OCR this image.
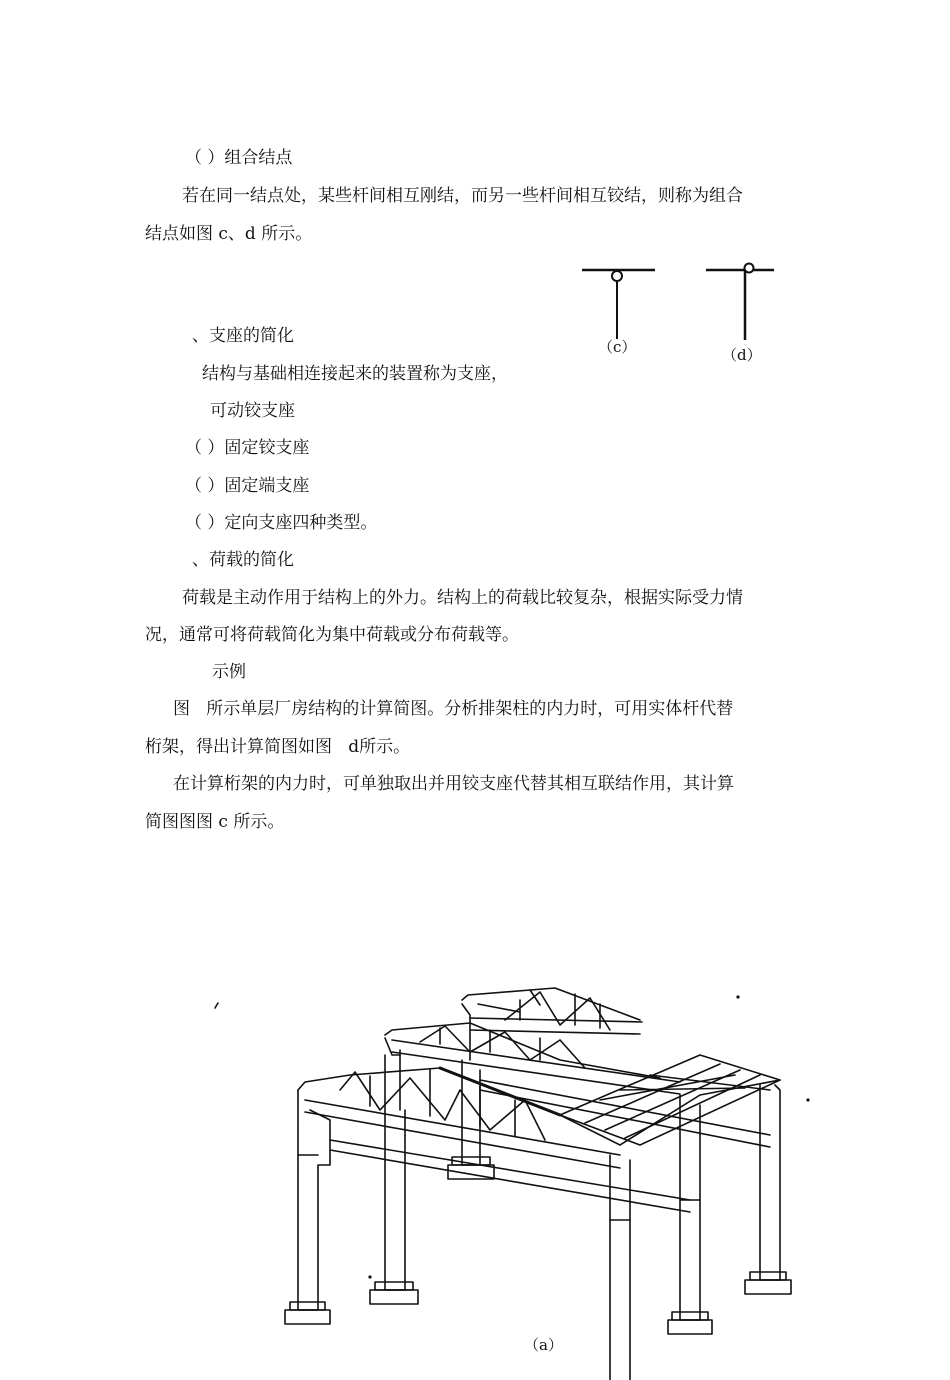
（ ）组合结点
若在同一结点处，某些杆间相互刚结，而另一些杆间相互铰结，则称为组合
结点如图 c、d 所示。
（c）	（d）
、支座的简化
结构与基础相连接起来的装置称为支座，
可动铰支座
（ ）固定铰支座
（ ）固定端支座
（ ）定向支座四种类型。
、荷载的简化
荷载是主动作用于结构上的外力。结构上的荷载比较复杂，根据实际受力情
况，通常可将荷载简化为集中荷载或分布荷载等。
示例
图   所示单层厂房结构的计算简图。分析排架柱的内力时，可用实体杆代替
桁架，得出计算简图如图   d所示。
在计算桁架的内力时，可单独取出并用铰支座代替其相互联结作用，其计算
简图图图 c 所示。
（a）
